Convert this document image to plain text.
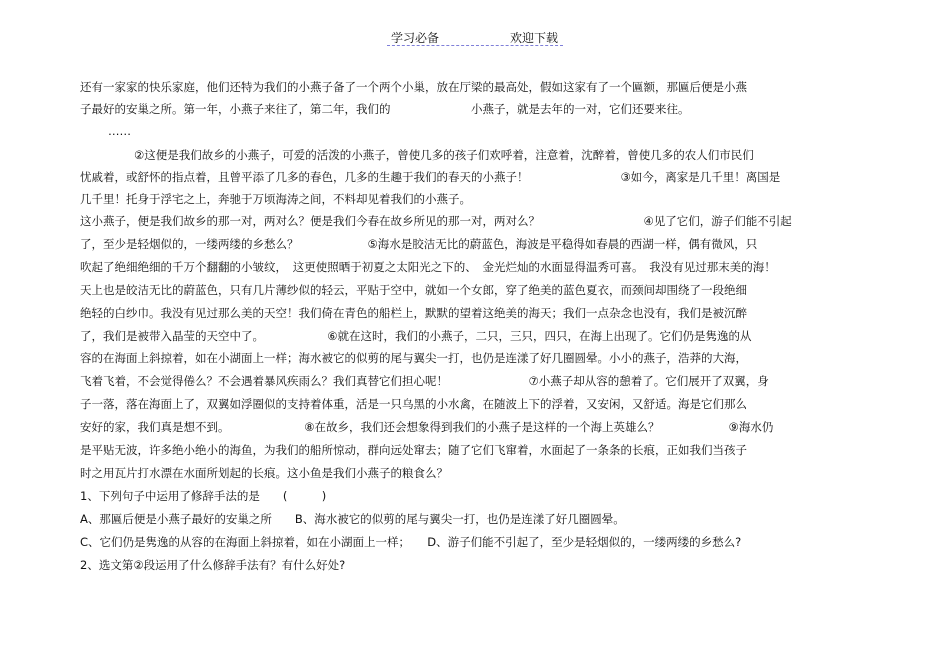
学习必备	欢迎下载
还有一家家的快乐家庭，他们还特为我们的小燕子备了一个两个小巢，放在厅梁的最高处，假如这家有了一个匾额，那匾后便是小燕
子最好的安巢之所。第一年，小燕子来往了，第二年，我们的　　　　　　　小燕子，就是去年的一对，它们还要来往。
……
②这便是我们故乡的小燕子，可爱的活泼的小燕子，曾使几多的孩子们欢呼着，注意着，沈醉着，曾使几多的农人们市民们
忧戚着，或舒怀的指点着，且曾平添了几多的春色，几多的生趣于我们的春天的小燕子！　　　　　　　　③如今，离家是几千里！离国是
几千里！托身于浮宅之上，奔驰于万顷海涛之间，不料却见着我们的小燕子。
这小燕子，便是我们故乡的那一对，两对么？便是我们今春在故乡所见的那一对，两对么？　　　　　　　　　④见了它们，游子们能不引起
了，至少是轻烟似的，一缕两缕的乡愁么？　　　　　　⑤海水是胶洁无比的蔚蓝色，海波是平稳得如春晨的西湖一样，偶有微风，只
吹起了绝细绝细的千万个翻翻的小皱纹，　这更使照晒于初夏之太阳光之下的、　金光烂灿的水面显得温秀可喜。　我没有见过那末美的海！
天上也是皎洁无比的蔚蓝色，只有几片薄纱似的轻云，平贴于空中，就如一个女郎，穿了绝美的蓝色夏衣，而颈间却围绕了一段绝细
绝轻的白纱巾。我没有见过那么美的天空！我们倚在青色的船栏上，默默的望着这绝美的海天；我们一点杂念也没有，我们是被沉醉
了，我们是被带入晶莹的天空中了。　　　　　　⑥就在这时，我们的小燕子，二只，三只，四只，在海上出现了。它们仍是隽逸的从
容的在海面上斜掠着，如在小湖面上一样；海水被它的似剪的尾与翼尖一打，也仍是连漾了好几圈圆晕。小小的燕子，浩莽的大海，
飞着飞着，不会觉得倦么？不会遇着暴风疾雨么？我们真替它们担心呢！　　　　　　　⑦小燕子却从容的憩着了。它们展开了双翼，身
子一落，落在海面上了，双翼如浮圈似的支持着体重，活是一只乌黑的小水禽，在随波上下的浮着，又安闲，又舒适。海是它们那么
安好的家，我们真是想不到。　　　　　　　⑧在故乡，我们还会想象得到我们的小燕子是这样的一个海上英雄么？　　　　　　⑨海水仍
是平贴无波，许多绝小绝小的海鱼，为我们的船所惊动，群向远处窜去；随了它们飞窜着，水面起了一条条的长痕，正如我们当孩子
时之用瓦片打水漂在水面所划起的长痕。这小鱼是我们小燕子的粮食么？
1、下列句子中运用了修辞手法的是　　(　　　)
A、那匾后便是小燕子最好的安巢之所　　B、海水被它的似剪的尾与翼尖一打，也仍是连漾了好几圈圆晕。
C、它们仍是隽逸的从容的在海面上斜掠着，如在小湖面上一样；　　D、游子们能不引起了，至少是轻烟似的，一缕两缕的乡愁么?
2、选文第②段运用了什么修辞手法有？有什么好处?
